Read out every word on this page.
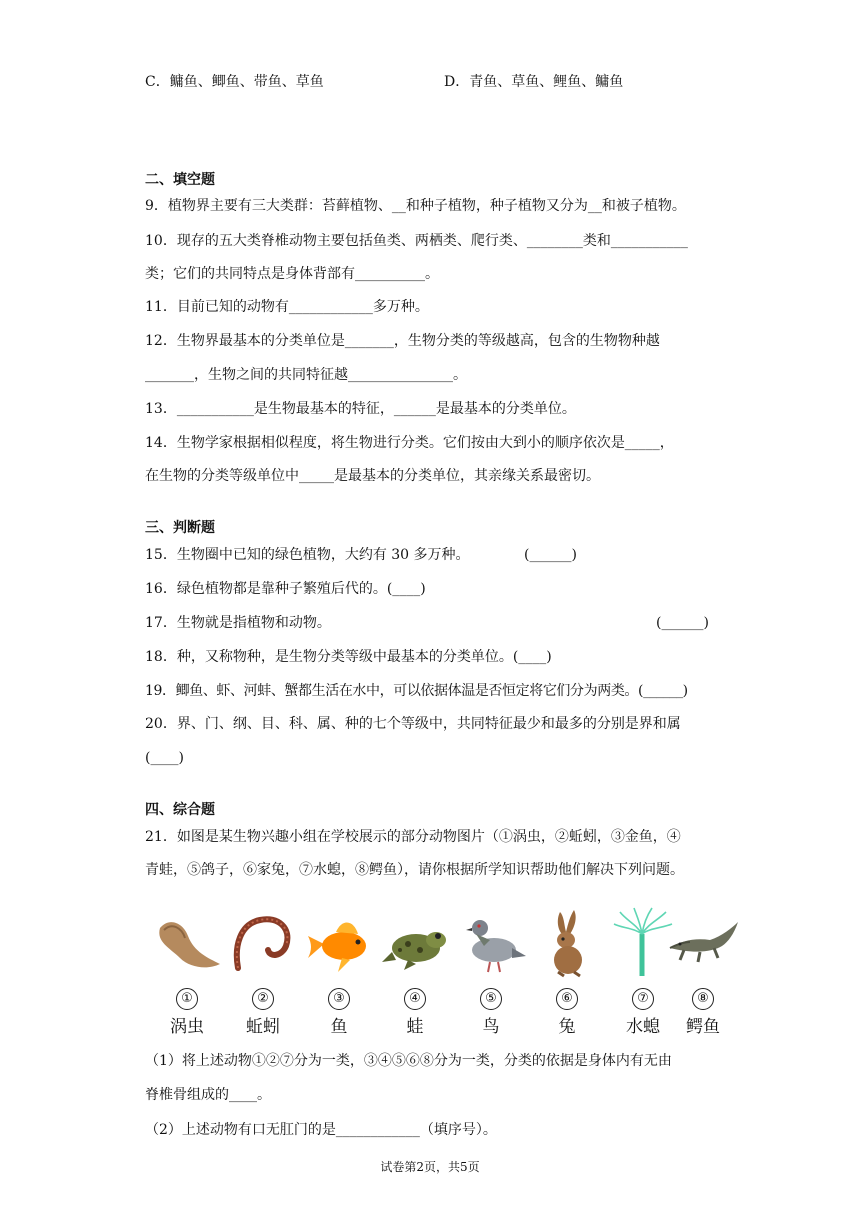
C．鳙鱼、鲫鱼、带鱼、草鱼	D．青鱼、草鱼、鲤鱼、鳙鱼
二、填空题
9．植物界主要有三大类群：苔藓植物、__和种子植物，种子植物又分为__和被子植物。
10．现存的五大类脊椎动物主要包括鱼类、两栖类、爬行类、________类和___________
类；它们的共同特点是身体背部有__________。
11．目前已知的动物有____________多万种。
12．生物界最基本的分类单位是_______，生物分类的等级越高，包含的生物物种越
_______，生物之间的共同特征越_______________。
13．___________是生物最基本的特征，______是最基本的分类单位。
14．生物学家根据相似程度，将生物进行分类。它们按由大到小的顺序依次是_____，
在生物的分类等级单位中_____是最基本的分类单位，其亲缘关系最密切。
三、判断题
15．生物圈中已知的绿色植物，大约有 30 多万种。	(______)
16．绿色植物都是靠种子繁殖后代的。(____)
17．生物就是指植物和动物。	(______)
18．种，又称物种，是生物分类等级中最基本的分类单位。(____)
19．鲫鱼、虾、河蚌、蟹都生活在水中，可以依据体温是否恒定将它们分为两类。(______)
20．界、门、纲、目、科、属、种的七个等级中，共同特征最少和最多的分别是界和属
(____)
四、综合题
21．如图是某生物兴趣小组在学校展示的部分动物图片（①涡虫，②蚯蚓，③金鱼，④
青蛙，⑤鸽子，⑥家兔，⑦水螅，⑧鳄鱼），请你根据所学知识帮助他们解决下列问题。
①
涡虫
②
蚯蚓
③
鱼
④
蛙
⑤
鸟
⑥
兔
⑦
水螅
⑧
鳄鱼
（1）将上述动物①②⑦分为一类，③④⑤⑥⑧分为一类，分类的依据是身体内有无由
脊椎骨组成的____。
（2）上述动物有口无肛门的是____________（填序号）。
试卷第2页，共5页
